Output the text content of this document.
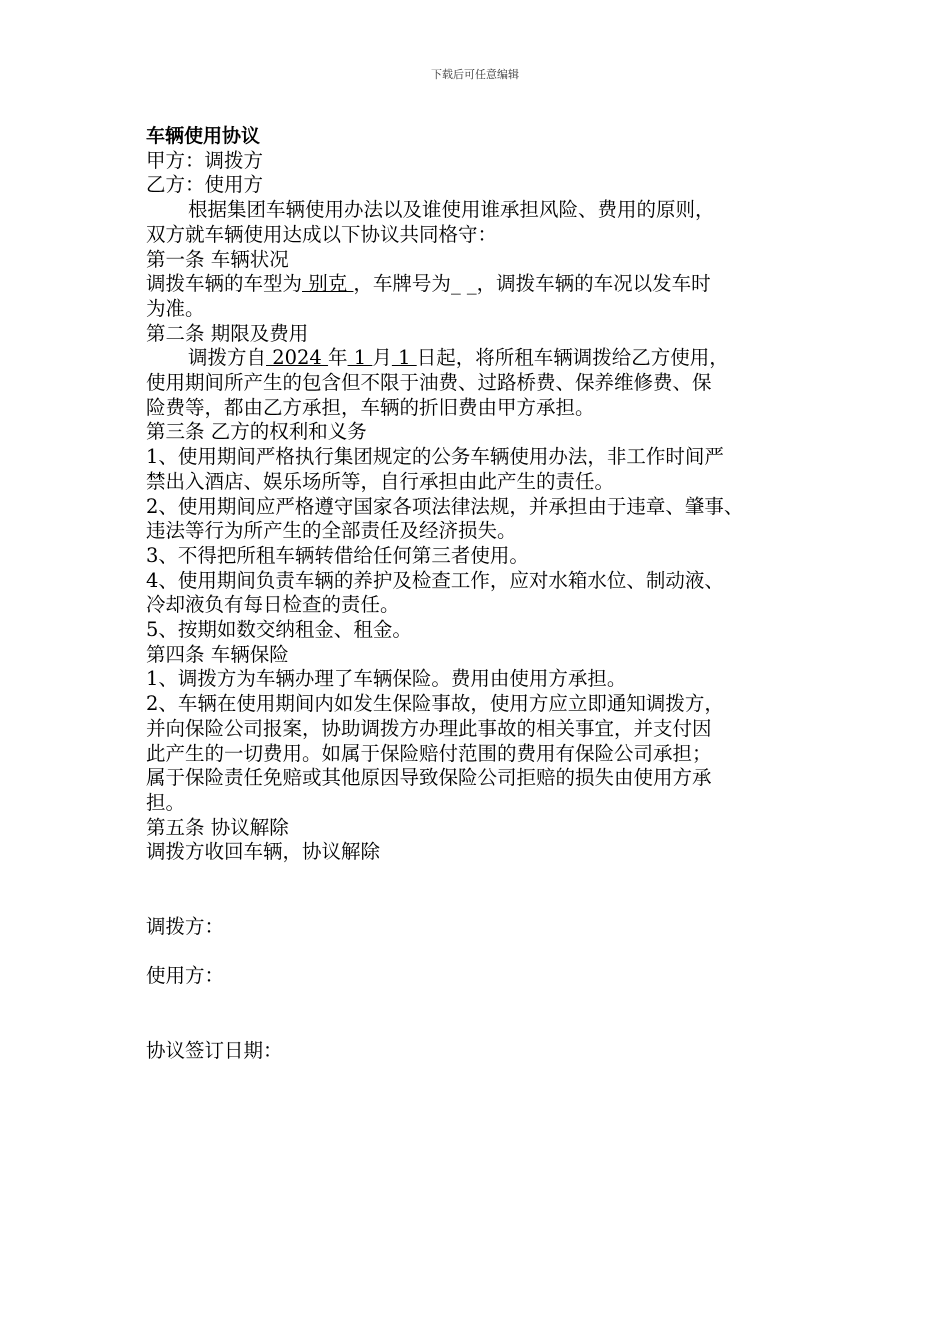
下载后可任意编辑
车辆使用协议
甲方：调拨方
乙方：使用方
根据集团车辆使用办法以及谁使用谁承担风险、费用的原则，
双方就车辆使用达成以下协议共同格守：
第一条 车辆状况
调拨车辆的车型为 别克 ，车牌号为_ _，调拨车辆的车况以发车时
为准。
第二条 期限及费用
调拨方自 2024 年 1 月 1 日起，将所租车辆调拨给乙方使用，
使用期间所产生的包含但不限于油费、过路桥费、保养维修费、保
险费等，都由乙方承担，车辆的折旧费由甲方承担。
第三条 乙方的权利和义务
1、使用期间严格执行集团规定的公务车辆使用办法，非工作时间严
禁出入酒店、娱乐场所等，自行承担由此产生的责任。
2、使用期间应严格遵守国家各项法律法规，并承担由于违章、肇事、
违法等行为所产生的全部责任及经济损失。
3、不得把所租车辆转借给任何第三者使用。
4、使用期间负责车辆的养护及检查工作，应对水箱水位、制动液、
冷却液负有每日检查的责任。
5、按期如数交纳租金、租金。
第四条 车辆保险
1、调拨方为车辆办理了车辆保险。费用由使用方承担。
2、车辆在使用期间内如发生保险事故，使用方应立即通知调拨方，
并向保险公司报案，协助调拨方办理此事故的相关事宜，并支付因
此产生的一切费用。如属于保险赔付范围的费用有保险公司承担；
属于保险责任免赔或其他原因导致保险公司拒赔的损失由使用方承
担。
第五条 协议解除
调拨方收回车辆，协议解除
调拨方：
使用方：
协议签订日期：
